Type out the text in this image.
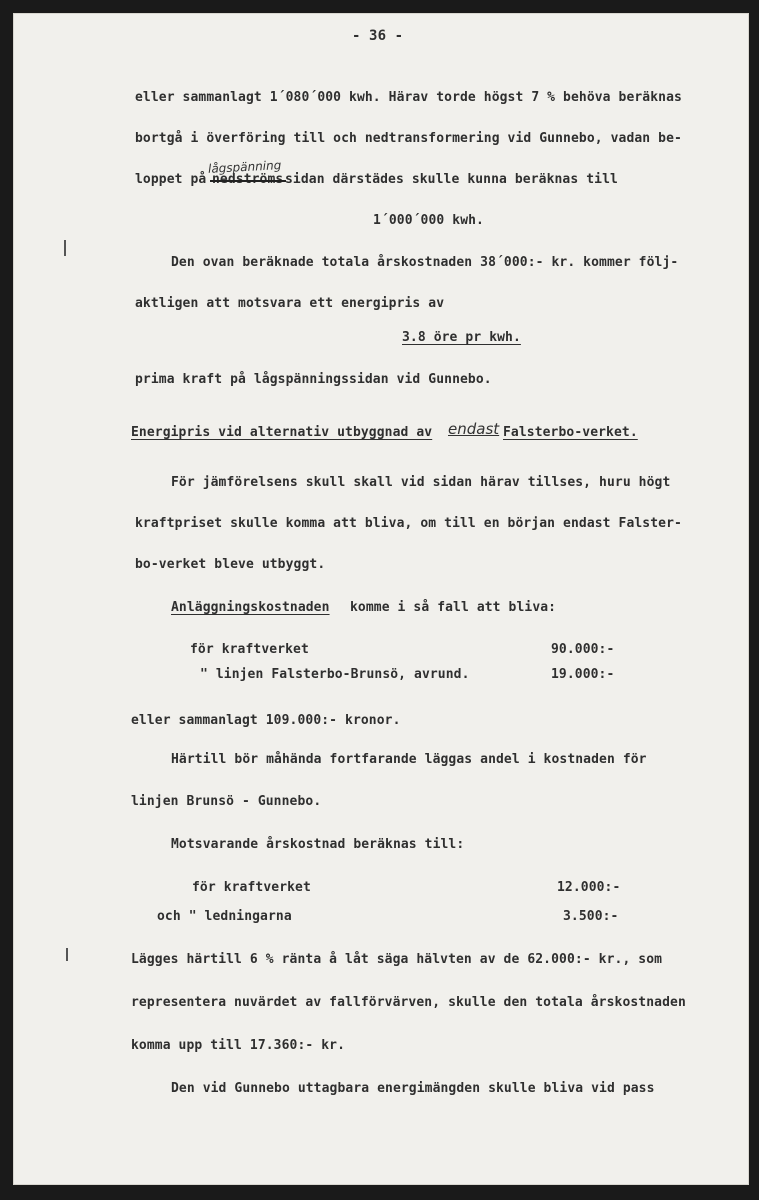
- 36 -
eller sammanlagt 1´080´000 kwh. Härav torde högst 7 % behöva beräknas
bortgå i överföring till och nedtransformering vid Gunnebo, vadan be-
loppet på	sidan därstädes skulle kunna beräknas till
lågspänning
1´000´000 kwh.
Den ovan beräknade totala årskostnaden 38´000:- kr. kommer följ-
aktligen att motsvara ett energipris av
3.8 öre pr kwh.
prima kraft på lågspänningssidan vid Gunnebo.
Energipris vid alternativ utbyggnad av endast Falsterbo-verket.
För jämförelsens skull skall vid sidan härav tillses, huru högt
kraftpriset skulle komma att bliva, om till en början endast Falster-
bo-verket bleve utbyggt.
Anläggningskostnaden komme i så fall att bliva:
för kraftverket	90.000:-
" linjen Falsterbo-Brunsö, avrund.	19.000:-
eller sammanlagt 109.000:- kronor.
Härtill bör måhända fortfarande läggas andel i kostnaden för
linjen Brunsö - Gunnebo.
Motsvarande årskostnad beräknas till:
för kraftverket	12.000:-
och " ledningarna	3.500:-
Lägges härtill 6 % ränta å låt säga hälvten av de 62.000:- kr., som
representera nuvärdet av fallförvärven, skulle den totala årskostnaden
komma upp till 17.360:- kr.
Den vid Gunnebo uttagbara energimängden skulle bliva vid pass
